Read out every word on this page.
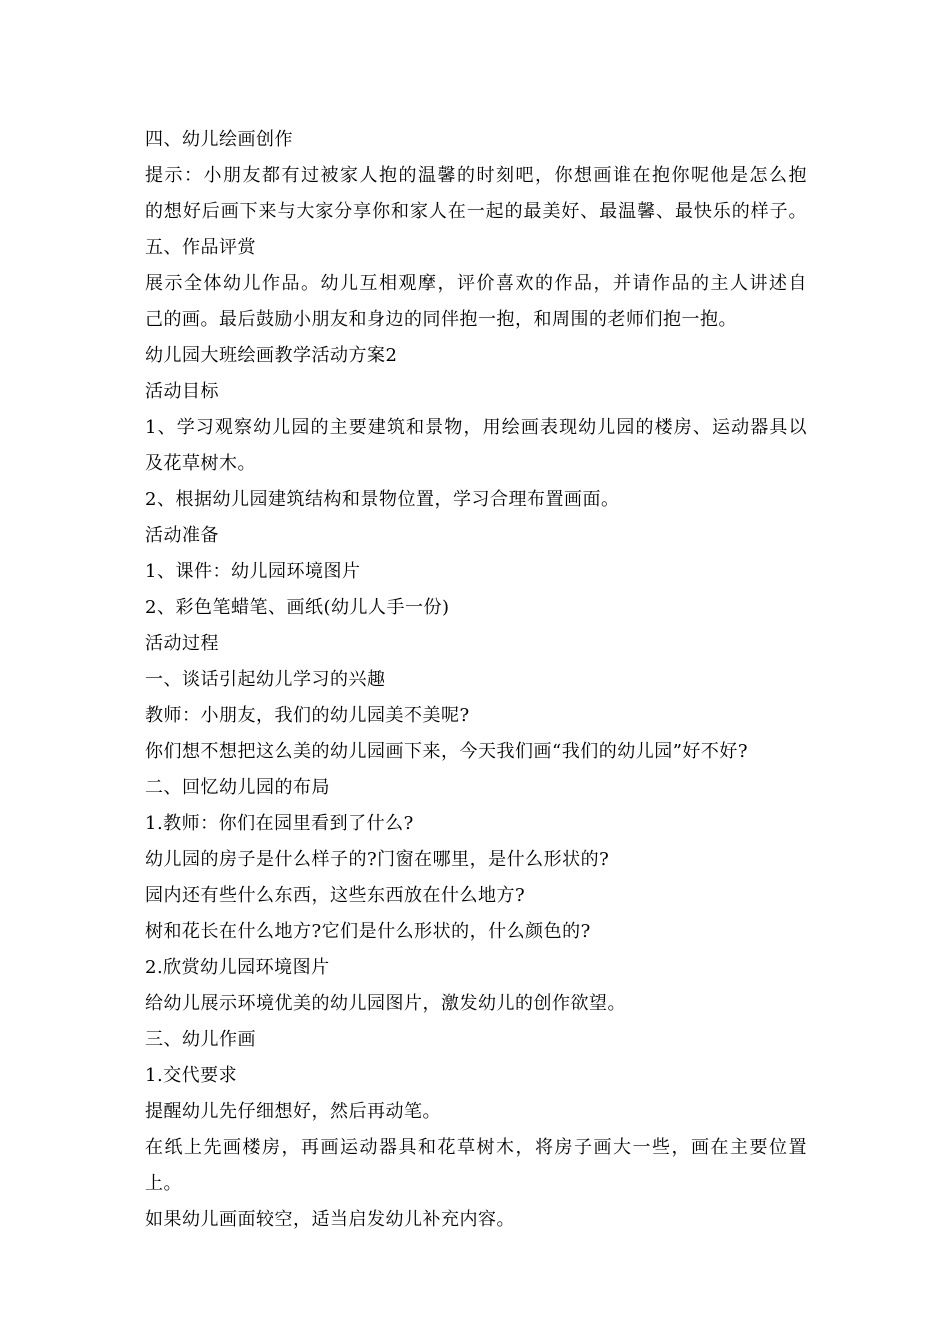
四、幼儿绘画创作
提示：小朋友都有过被家人抱的温馨的时刻吧，你想画谁在抱你呢他是怎么抱
的想好后画下来与大家分享你和家人在一起的最美好、最温馨、最快乐的样子。
五、作品评赏
展示全体幼儿作品。幼儿互相观摩，评价喜欢的作品，并请作品的主人讲述自
己的画。最后鼓励小朋友和身边的同伴抱一抱，和周围的老师们抱一抱。
幼儿园大班绘画教学活动方案2
活动目标
1、学习观察幼儿园的主要建筑和景物，用绘画表现幼儿园的楼房、运动器具以
及花草树木。
2、根据幼儿园建筑结构和景物位置，学习合理布置画面。
活动准备
1、课件：幼儿园环境图片
2、彩色笔蜡笔、画纸(幼儿人手一份)
活动过程
一、谈话引起幼儿学习的兴趣
教师：小朋友，我们的幼儿园美不美呢?
你们想不想把这么美的幼儿园画下来，今天我们画“我们的幼儿园”好不好?
二、回忆幼儿园的布局
1.教师：你们在园里看到了什么?
幼儿园的房子是什么样子的?门窗在哪里，是什么形状的?
园内还有些什么东西，这些东西放在什么地方?
树和花长在什么地方?它们是什么形状的，什么颜色的?
2.欣赏幼儿园环境图片
给幼儿展示环境优美的幼儿园图片，激发幼儿的创作欲望。
三、幼儿作画
1.交代要求
提醒幼儿先仔细想好，然后再动笔。
在纸上先画楼房，再画运动器具和花草树木，将房子画大一些，画在主要位置
上。
如果幼儿画面较空，适当启发幼儿补充内容。
